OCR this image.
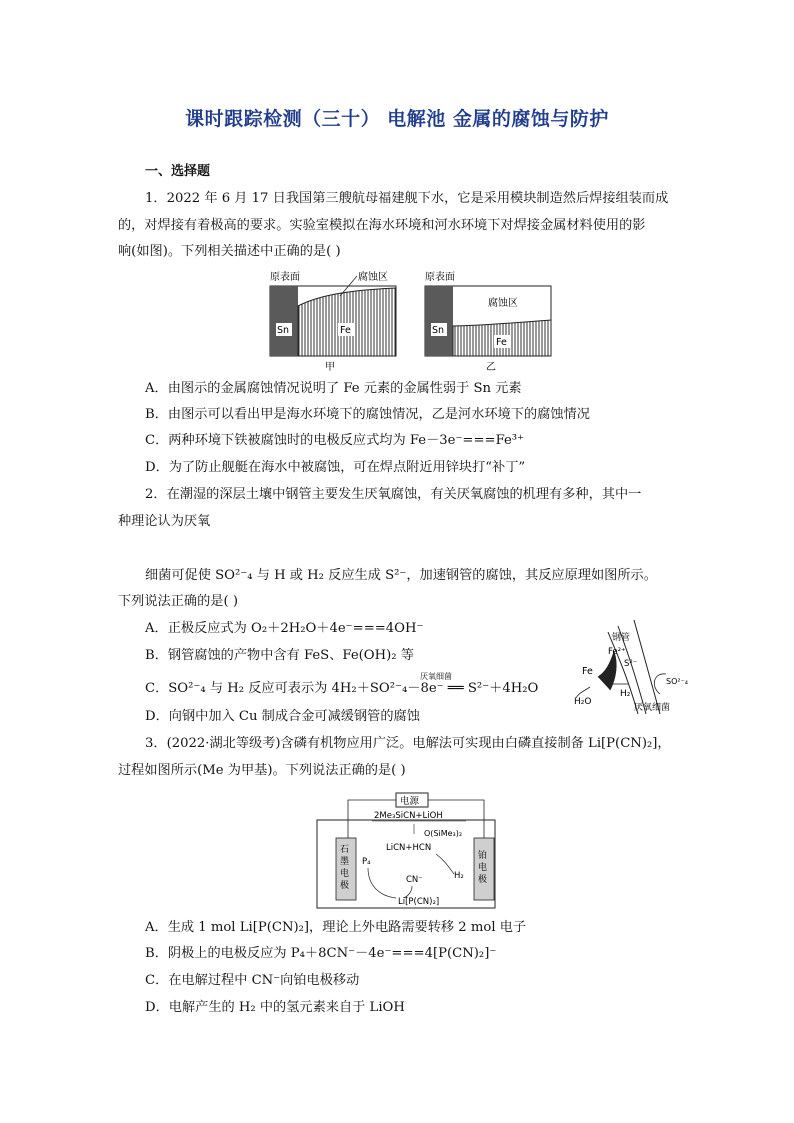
课时跟踪检测（三十） 电解池 金属的腐蚀与防护
一、选择题
1．2022 年 6 月 17 日我国第三艘航母福建舰下水，它是采用模块制造然后焊接组装而成
的，对焊接有着极高的要求。实验室模拟在海水环境和河水环境下对焊接金属材料使用的影
响(如图)。下列相关描述中正确的是( )
原表面	腐蚀区
Sn	Fe
甲
原表面
腐蚀区
Sn
Fe
乙
A．由图示的金属腐蚀情况说明了 Fe 元素的金属性弱于 Sn 元素
B．由图示可以看出甲是海水环境下的腐蚀情况，乙是河水环境下的腐蚀情况
C．两种环境下铁被腐蚀时的电极反应式均为 Fe－3e⁻===Fe³⁺
D．为了防止舰艇在海水中被腐蚀，可在焊点附近用锌块打“补丁”
2．在潮湿的深层土壤中钢管主要发生厌氧腐蚀，有关厌氧腐蚀的机理有多种，其中一
种理论认为厌氧
细菌可促使 SO²⁻₄ 与 H 或 H₂ 反应生成 S²⁻，加速钢管的腐蚀，其反应原理如图所示。
下列说法正确的是( )
A．正极反应式为 O₂＋2H₂O＋4e⁻===4OH⁻
B．钢管腐蚀的产物中含有 FeS、Fe(OH)₂ 等
C．SO²⁻₄ 与 H₂ 反应可表示为 4H₂＋SO²⁻₄－8e⁻ ══ S²⁻＋4H₂O
厌氧细菌
D．向钢中加入 Cu 制成合金可减缓钢管的腐蚀
钢管
Fe²⁺
S²⁻
Fe
H₂O
H₂
SO²⁻₄
厌氧细菌
3．(2022·湖北等级考)含磷有机物应用广泛。电解法可实现由白磷直接制备 Li[P(CN)₂]，
过程如图所示(Me 为甲基)。下列说法正确的是( )
电源
2Me₃SiCN+LiOH
O(SiMe₃)₂
LiCN+HCN
石
墨
电
极
铂
电
极
P₄
H₂
CN⁻
Li[P(CN)₂]
A．生成 1 mol Li[P(CN)₂]，理论上外电路需要转移 2 mol 电子
B．阴极上的电极反应为 P₄＋8CN⁻－4e⁻===4[P(CN)₂]⁻
C．在电解过程中 CN⁻向铂电极移动
D．电解产生的 H₂ 中的氢元素来自于 LiOH
